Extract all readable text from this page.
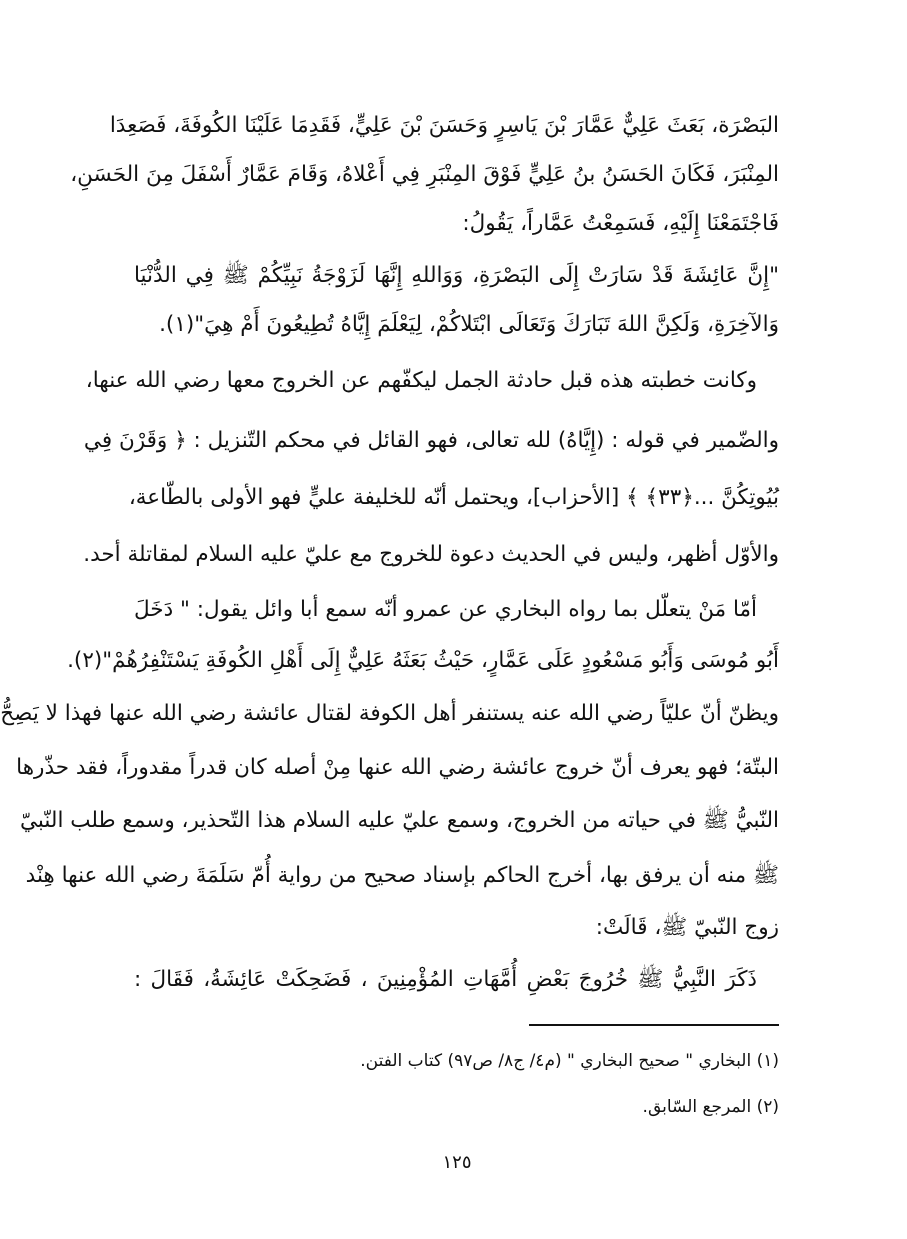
البَصْرَة، بَعَثَ عَلِيٌّ عَمَّارَ بْنَ يَاسِرٍ وَحَسَنَ بْنَ عَلِيٍّ، فَقَدِمَا عَلَيْنَا الكُوفَةَ، فَصَعِدَا
المِنْبَرَ، فَكَانَ الحَسَنُ بنُ عَلِيٍّ فَوْقَ المِنْبَرِ فِي أَعْلاهُ، وَقَامَ عَمَّارٌ أَسْفَلَ مِنَ الحَسَنِ،
فَاجْتَمَعْنَا إِلَيْهِ، فَسَمِعْتُ عَمَّاراً، يَقُولُ:
"إِنَّ عَائِشَةَ قَدْ سَارَتْ إِلَى البَصْرَةِ، وَوَاللهِ إِنَّهَا لَزَوْجَةُ نَبِيِّكُمْ ﷺ فِي الدُّنْيَا
وَالآخِرَةِ، وَلَكِنَّ اللهَ تَبَارَكَ وَتَعَالَى ابْتَلاكُمْ، لِيَعْلَمَ إِيَّاهُ تُطِيعُونَ أَمْ هِيَ"(١).
وكانت خطبته هذه قبل حادثة الجمل ليكفّهم عن الخروج معها رضي الله عنها،
والضّمير في قوله : (إِيَّاهُ) لله تعالى، فهو القائل في محكم التّنزيل : ﴿ وَقَرْنَ فِي
بُيُوتِكُنَّ ...﴿٣٣﴾ ﴾ [الأحزاب]، ويحتمل أنّه للخليفة عليٍّ فهو الأولى بالطّاعة،
والأوّل أظهر، وليس في الحديث دعوة للخروج مع عليّ عليه السلام لمقاتلة أحد.
أمّا مَنْ يتعلّل بما رواه البخاري عن عمرو أنّه سمع أبا وائل يقول: " دَخَلَ
أَبُو مُوسَى وَأَبُو مَسْعُودٍ عَلَى عَمَّارٍ، حَيْثُ بَعَثَهُ عَلِيٌّ إِلَى أَهْلِ الكُوفَةِ يَسْتَنْفِرُهُمْ"(٢).
ويظنّ أنّ عليّاً رضي الله عنه يستنفر أهل الكوفة لقتال عائشة رضي الله عنها فهذا لا يَصِحُّ
البتّة؛ فهو يعرف أنّ خروج عائشة رضي الله عنها مِنْ أصله كان قدراً مقدوراً، فقد حذّرها
النّبيُّ ﷺ في حياته من الخروج، وسمع عليّ عليه السلام هذا التّحذير، وسمع طلب النّبيّ
ﷺ منه أن يرفق بها، أخرج الحاكم بإسناد صحيح من رواية أُمّ سَلَمَةَ رضي الله عنها هِنْد
زوج النّبيّ ﷺ، قَالَتْ:
ذَكَرَ النَّبِيُّ ﷺ خُرُوجَ بَعْضِ أُمَّهَاتِ المُؤْمِنِينَ ، فَضَحِكَتْ عَائِشَةُ، فَقَالَ :
(١) البخاري " صحيح البخاري " (م٤/ ج٨/ ص٩٧) كتاب الفتن.
(٢) المرجع السّابق.
١٢٥
